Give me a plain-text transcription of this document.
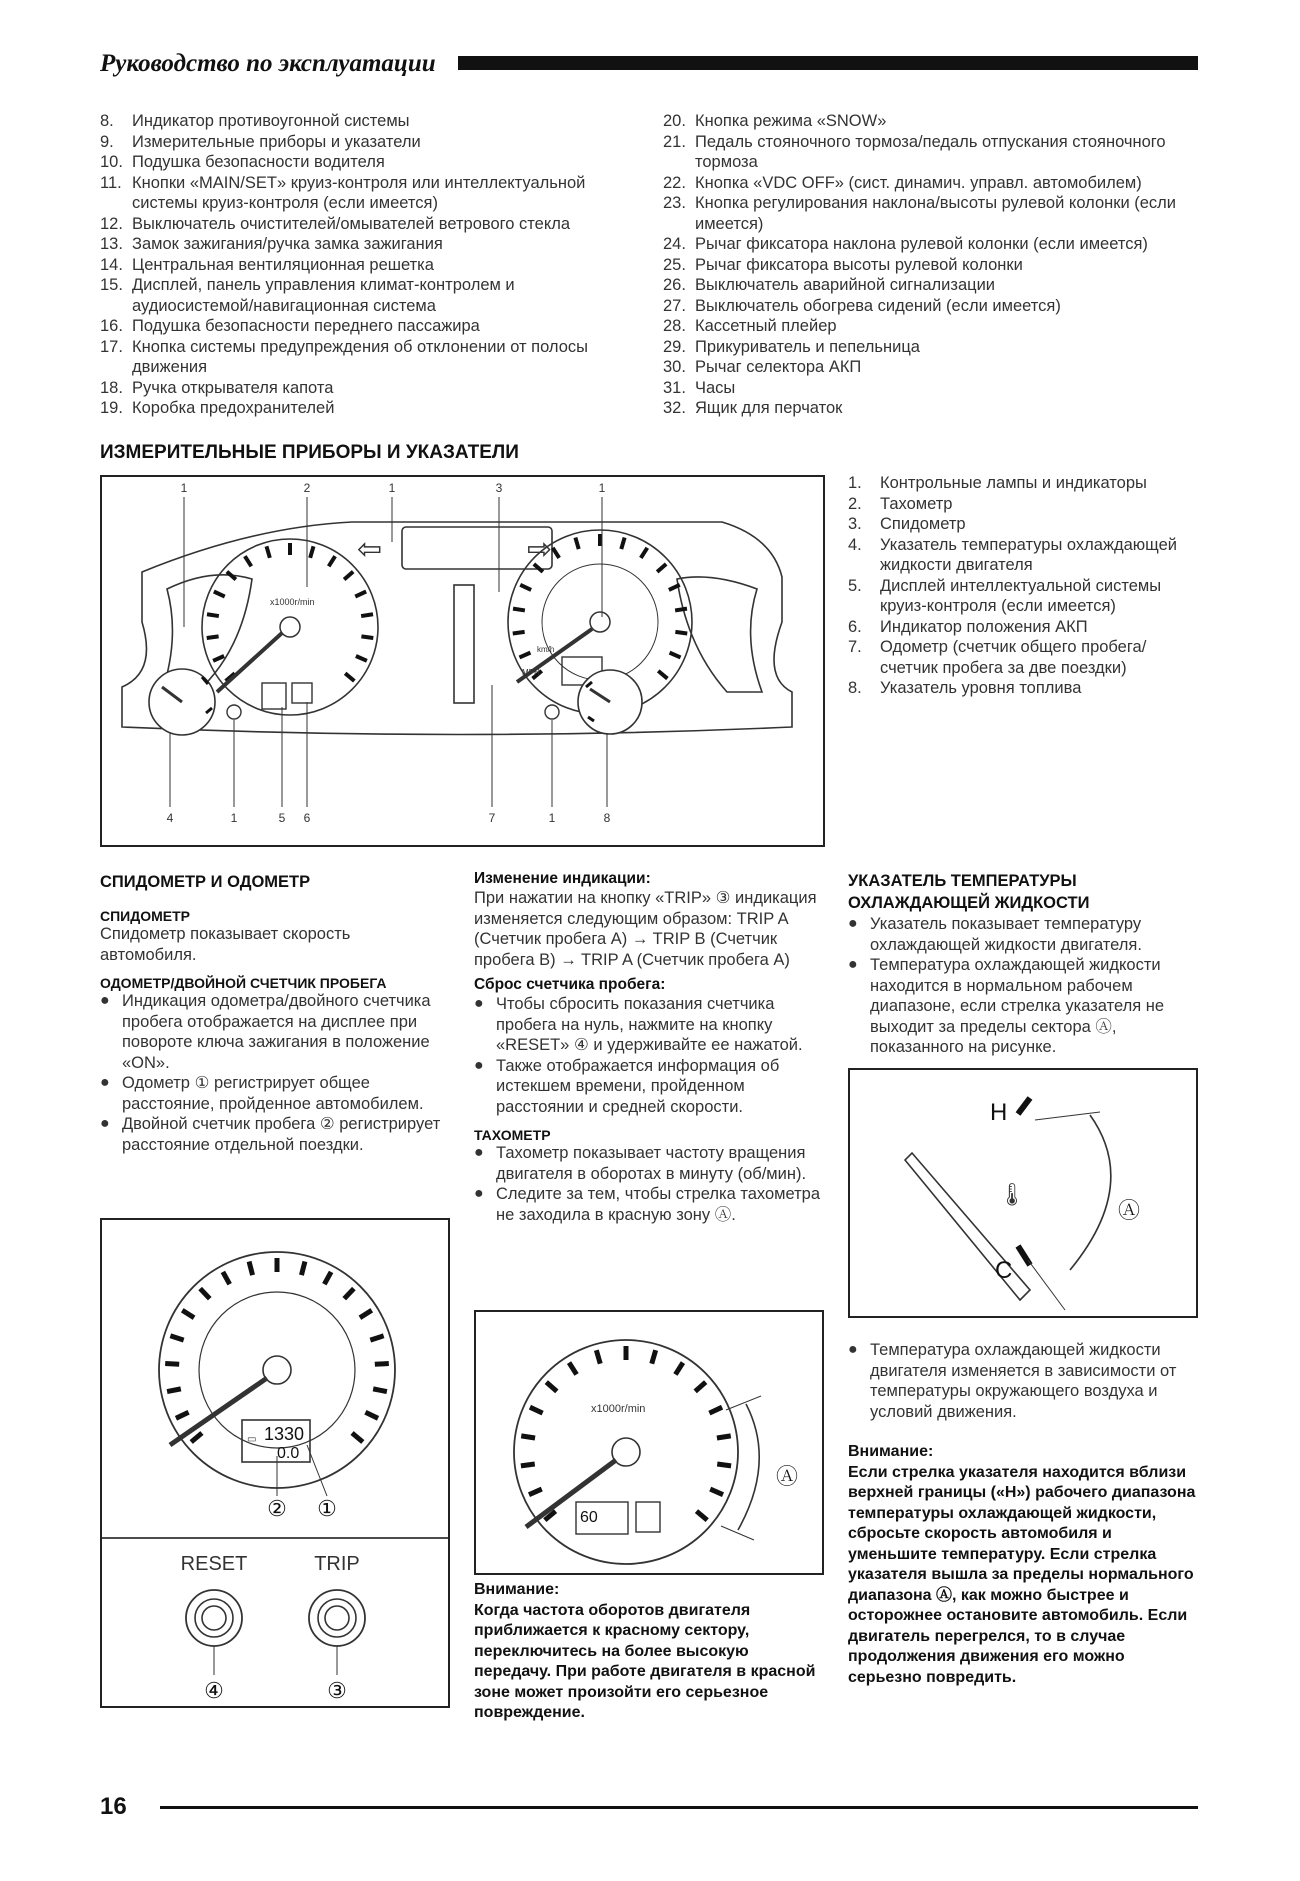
Руководство по эксплуатации
8.	Индикатор противоугонной системы
9.	Измерительные приборы и указатели
10. Подушка безопасности водителя
11. Кнопки «MAIN/SET» круиз-контроля или интеллектуальной системы круиз-контроля (если имеется)
12. Выключатель очистителей/омывателей ветрового стекла
13. Замок зажигания/ручка замка зажигания
14. Центральная вентиляционная решетка
15. Дисплей, панель управления климат-контролем и аудиосистемой/навигационная система
16. Подушка безопасности переднего пассажира
17. Кнопка системы предупреждения об отклонении от полосы движения
18. Ручка открывателя капота
19. Коробка предохранителей
20. Кнопка режима «SNOW»
21. Педаль стояночного тормоза/педаль отпускания стояночного тормоза
22. Кнопка «VDC OFF» (сист. динамич. управл. автомобилем)
23. Кнопка регулирования наклона/высоты рулевой колонки (если имеется)
24. Рычаг фиксатора наклона рулевой колонки (если имеется)
25. Рычаг фиксатора высоты рулевой колонки
26. Выключатель аварийной сигнализации
27. Выключатель обогрева сидений (если имеется)
28. Кассетный плейер
29. Прикуриватель и пепельница
30. Рычаг селектора АКП
31. Часы
32. Ящик для перчаток
ИЗМЕРИТЕЛЬНЫЕ ПРИБОРЫ И УКАЗАТЕЛИ
⇦	⇨
x1000r/min
km/h
MPH
1	2	1	3	1
4	1	5 6	7	1	8
1.	Контрольные лампы и индикаторы
2.	Тахометр
3.	Спидометр
4.	Указатель температуры охлаждающей жидкости двигателя
5.	Дисплей интеллектуальной системы круиз-контроля (если имеется)
6.	Индикатор положения АКП
7.	Одометр (счетчик общего пробега/счетчик пробега за две поездки)
8.	Указатель уровня топлива
СПИДОМЕТР И ОДОМЕТР
СПИДОМЕТР
Спидометр показывает скорость автомобиля.
ОДОМЕТР/ДВОЙНОЙ СЧЕТЧИК ПРОБЕГА
● Индикация одометра/двойного счетчика пробега отображается на дисплее при повороте ключа зажигания в положение «ON».
● Одометр ① регистрирует общее расстояние, пройденное автомобилем.
● Двойной счетчик пробега ② регистрирует расстояние отдельной поездки.
▭ 1330
0.0
② ①
RESET	TRIP
④	③
Изменение индикации:
При нажатии на кнопку «TRIP» ③ индикация изменяется следующим образом: TRIP A (Счетчик пробега A) → TRIP B (Счетчик пробега B) → TRIP A (Счетчик пробега A)
Сброс счетчика пробега:
● Чтобы сбросить показания счетчика пробега на нуль, нажмите на кнопку «RESET» ④ и удерживайте ее нажатой.
● Также отображается информация об истекшем времени, пройденном расстоянии и средней скорости.
ТАХОМЕТР
● Тахометр показывает частоту вращения двигателя в оборотах в минуту (об/мин).
● Следите за тем, чтобы стрелка тахометра не заходила в красную зону Ⓐ.
x1000r/min
60
Ⓐ
Внимание:
Когда частота оборотов двигателя приближается к красному сектору, переключитесь на более высокую передачу. При работе двигателя в красной зоне может произойти его серьезное повреждение.
УКАЗАТЕЛЬ ТЕМПЕРАТУРЫ ОХЛАЖДАЮЩЕЙ ЖИДКОСТИ
● Указатель показывает температуру охлаждающей жидкости двигателя.
● Температура охлаждающей жидкости находится в нормальном рабочем диапазоне, если стрелка указателя не выходит за пределы сектора Ⓐ, показанного на рисунке.
H
C
🌡
Ⓐ
● Температура охлаждающей жидкости двигателя изменяется в зависимости от температуры окружающего воздуха и условий движения.
Внимание:
Если стрелка указателя находится вблизи верхней границы («H») рабочего диапазона температуры охлаждающей жидкости, сбросьте скорость автомобиля и уменьшите температуру. Если стрелка указателя вышла за пределы нормального диапазона Ⓐ, как можно быстрее и осторожнее остановите автомобиль. Если двигатель перегрелся, то в случае продолжения движения его можно серьезно повредить.
16
